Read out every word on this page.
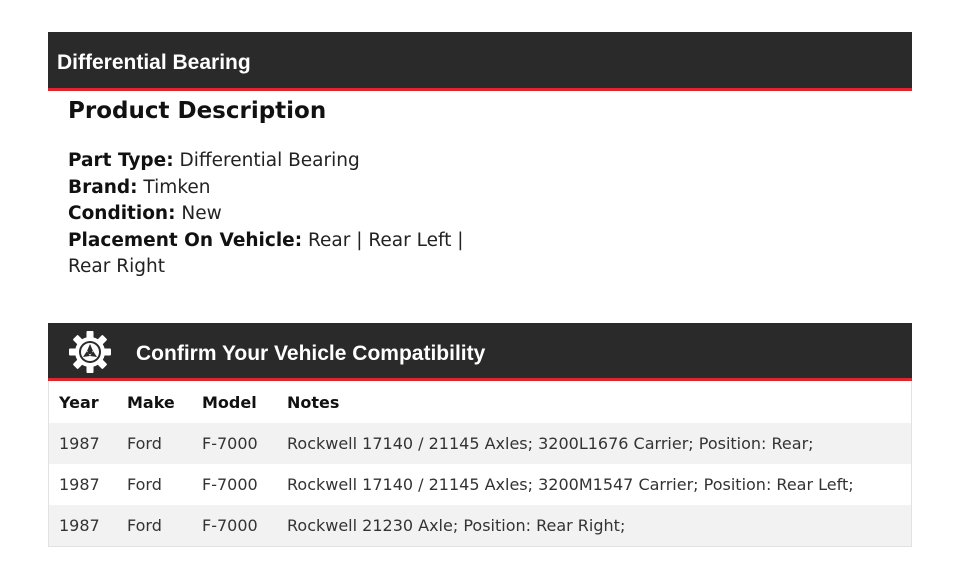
Differential Bearing
Product Description
Part Type: Differential Bearing
Brand: Timken
Condition: New
Placement On Vehicle: Rear | Rear Left | Rear Right
Confirm Your Vehicle Compatibility
Year	Make	Model	Notes
1987	Ford	F-7000	Rockwell 17140 / 21145 Axles; 3200L1676 Carrier; Position: Rear;
1987	Ford	F-7000	Rockwell 17140 / 21145 Axles; 3200M1547 Carrier; Position: Rear Left;
1987	Ford	F-7000	Rockwell 21230 Axle; Position: Rear Right;
